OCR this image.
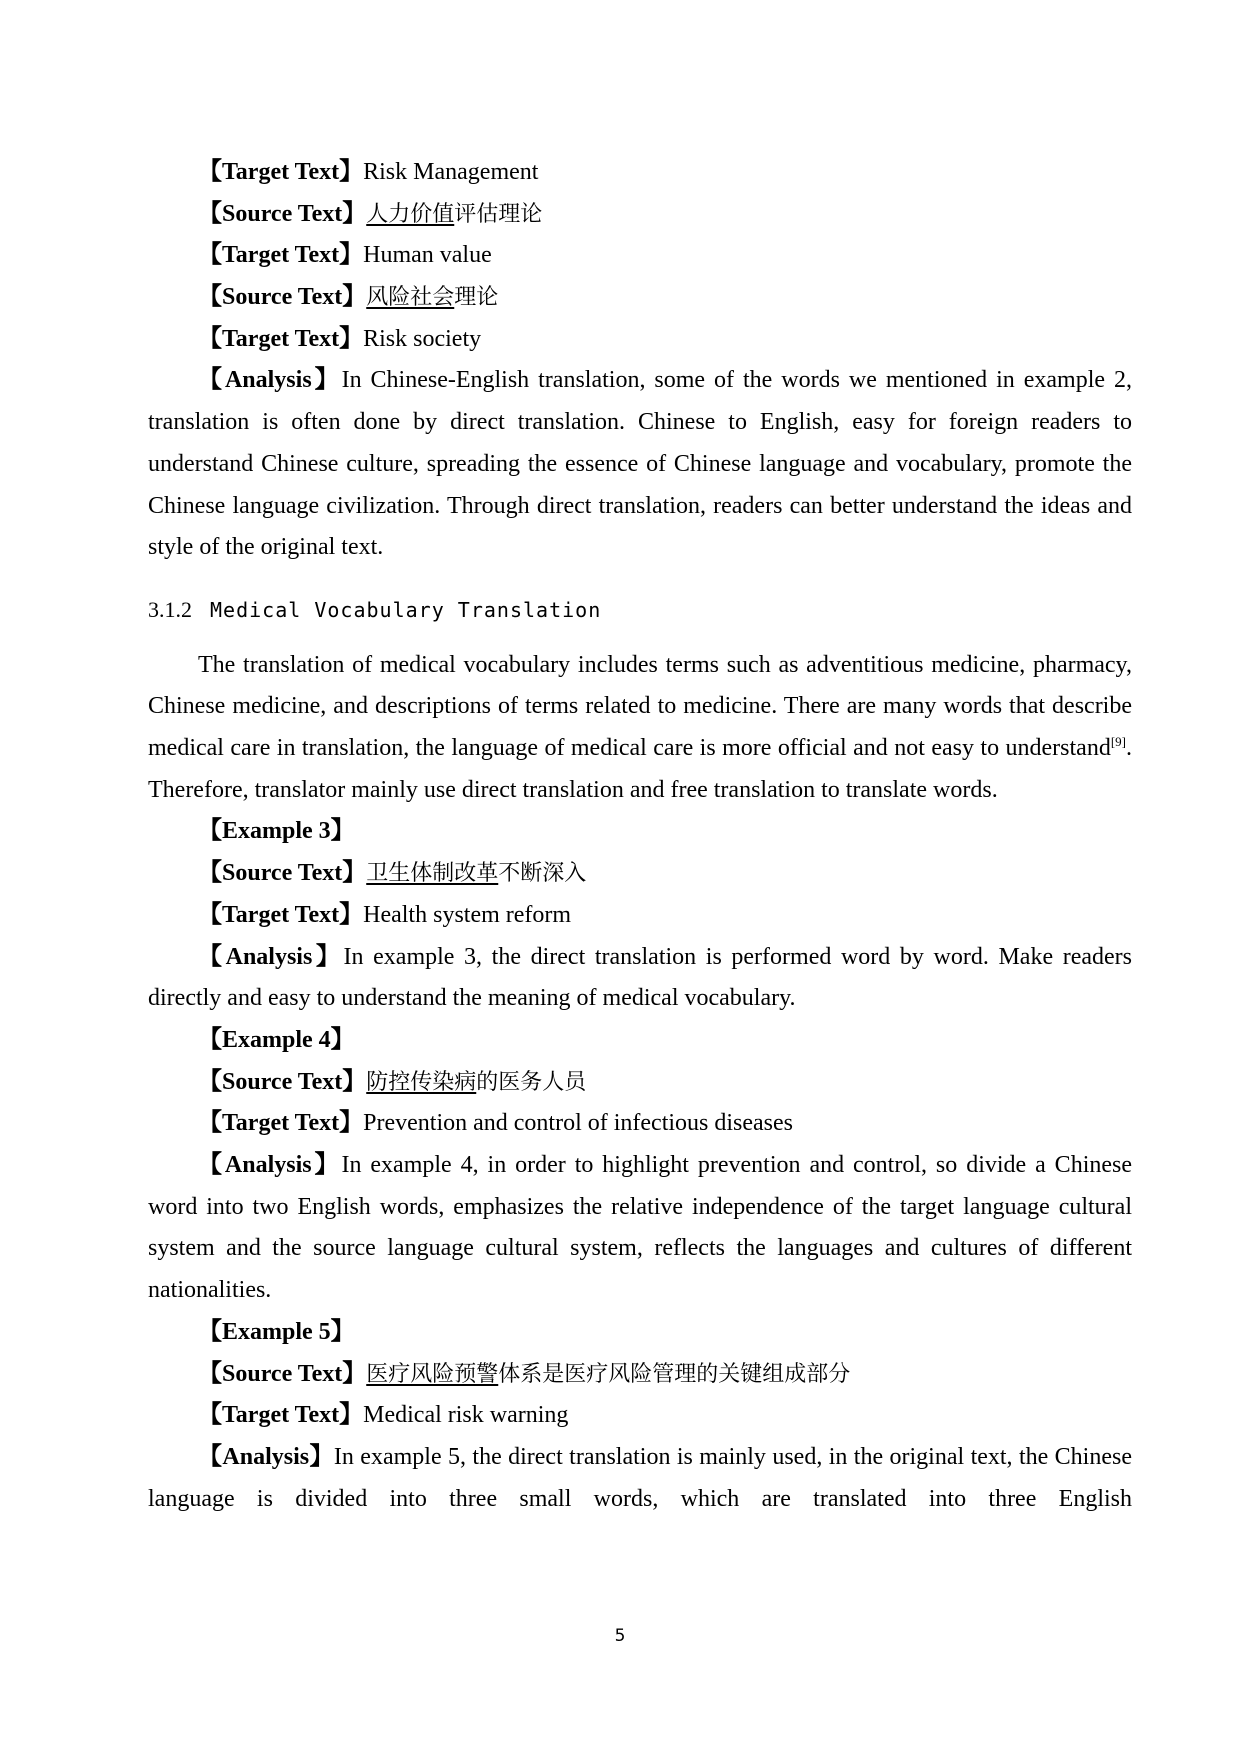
【Target Text】Risk Management
【Source Text】人力价值评估理论
【Target Text】Human value
【Source Text】风险社会理论
【Target Text】Risk society
【Analysis】In Chinese-English translation, some of the words we mentioned in example 2, translation is often done by direct translation. Chinese to English, easy for foreign readers to understand Chinese culture, spreading the essence of Chinese language and vocabulary, promote the Chinese language civilization. Through direct translation, readers can better understand the ideas and style of the original text.
3.1.2 Medical Vocabulary Translation
The translation of medical vocabulary includes terms such as adventitious medicine, pharmacy, Chinese medicine, and descriptions of terms related to medicine. There are many words that describe medical care in translation, the language of medical care is more official and not easy to understand[9]. Therefore, translator mainly use direct translation and free translation to translate words.
【Example 3】
【Source Text】卫生体制改革不断深入
【Target Text】Health system reform
【Analysis】In example 3, the direct translation is performed word by word. Make readers directly and easy to understand the meaning of medical vocabulary.
【Example 4】
【Source Text】防控传染病的医务人员
【Target Text】Prevention and control of infectious diseases
【Analysis】In example 4, in order to highlight prevention and control, so divide a Chinese word into two English words, emphasizes the relative independence of the target language cultural system and the source language cultural system, reflects the languages and cultures of different nationalities.
【Example 5】
【Source Text】医疗风险预警体系是医疗风险管理的关键组成部分
【Target Text】Medical risk warning
【Analysis】In example 5, the direct translation is mainly used, in the original text, the Chinese language is divided into three small words, which are translated into three English
5
